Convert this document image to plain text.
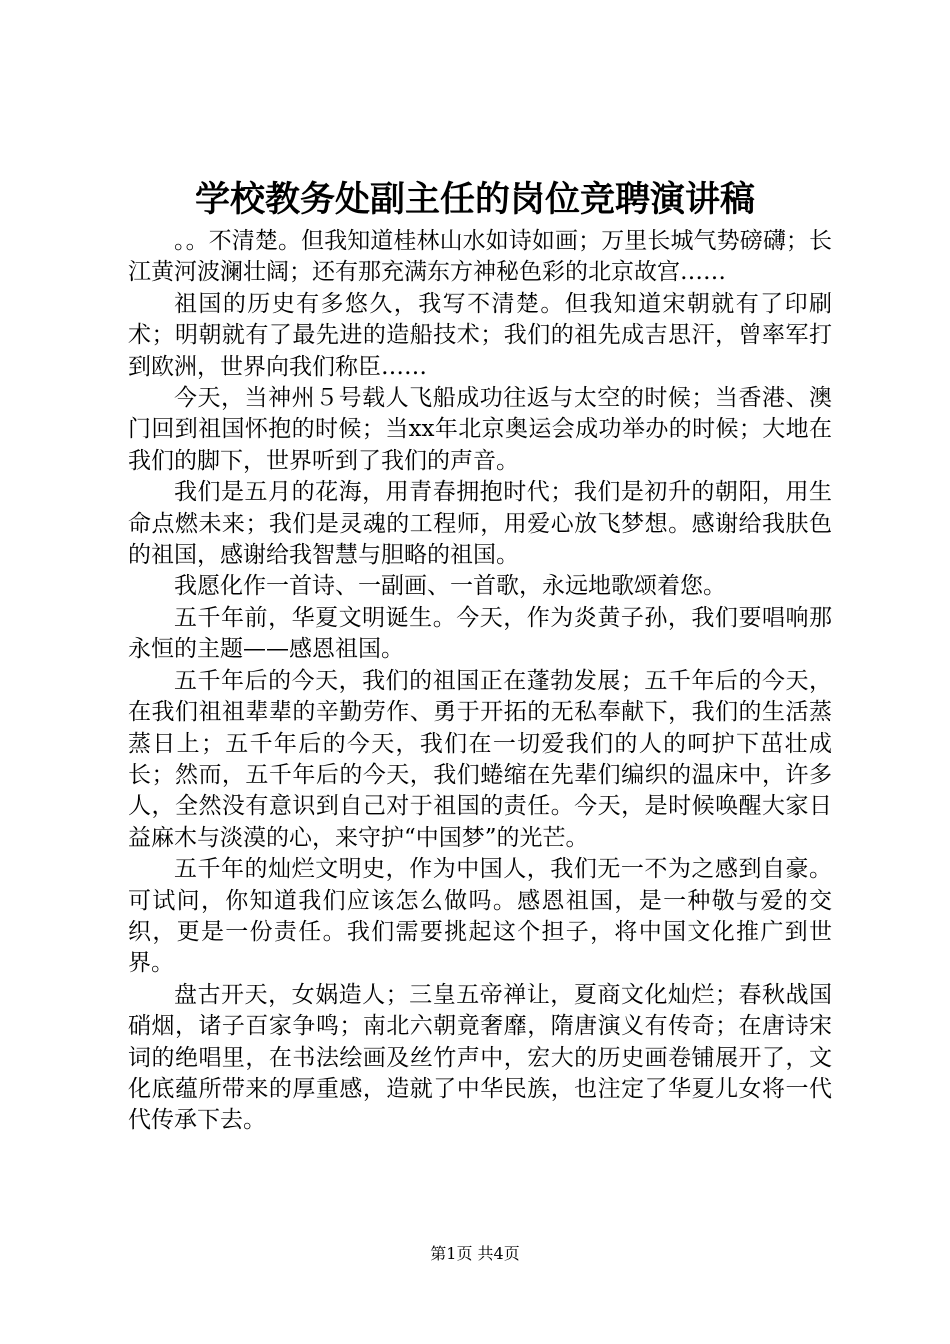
学校教务处副主任的岗位竞聘演讲稿

。。不清楚。但我知道桂林山水如诗如画；万里长城气势磅礴；长江黄河波澜壮阔；还有那充满东方神秘色彩的北京故宫……

祖国的历史有多悠久，我写不清楚。但我知道宋朝就有了印刷术；明朝就有了最先进的造船技术；我们的祖先成吉思汗，曾率军打到欧洲，世界向我们称臣……

今天，当神州５号载人飞船成功往返与太空的时候；当香港、澳门回到祖国怀抱的时候；当xx年北京奥运会成功举办的时候；大地在我们的脚下，世界听到了我们的声音。

我们是五月的花海，用青春拥抱时代；我们是初升的朝阳，用生命点燃未来；我们是灵魂的工程师，用爱心放飞梦想。感谢给我肤色的祖国，感谢给我智慧与胆略的祖国。

我愿化作一首诗、一副画、一首歌，永远地歌颂着您。

五千年前，华夏文明诞生。今天，作为炎黄子孙，我们要唱响那永恒的主题——感恩祖国。

五千年后的今天，我们的祖国正在蓬勃发展；五千年后的今天，在我们祖祖辈辈的辛勤劳作、勇于开拓的无私奉献下，我们的生活蒸蒸日上；五千年后的今天，我们在一切爱我们的人的呵护下茁壮成长；然而，五千年后的今天，我们蜷缩在先辈们编织的温床中，许多人，全然没有意识到自己对于祖国的责任。今天，是时候唤醒大家日益麻木与淡漠的心，来守护“中国梦”的光芒。

五千年的灿烂文明史，作为中国人，我们无一不为之感到自豪。可试问，你知道我们应该怎么做吗。感恩祖国，是一种敬与爱的交织，更是一份责任。我们需要挑起这个担子，将中国文化推广到世界。

盘古开天，女娲造人；三皇五帝禅让，夏商文化灿烂；春秋战国硝烟，诸子百家争鸣；南北六朝竟奢靡，隋唐演义有传奇；在唐诗宋词的绝唱里，在书法绘画及丝竹声中，宏大的历史画卷铺展开了，文化底蕴所带来的厚重感，造就了中华民族，也注定了华夏儿女将一代代传承下去。

第1页 共4页
